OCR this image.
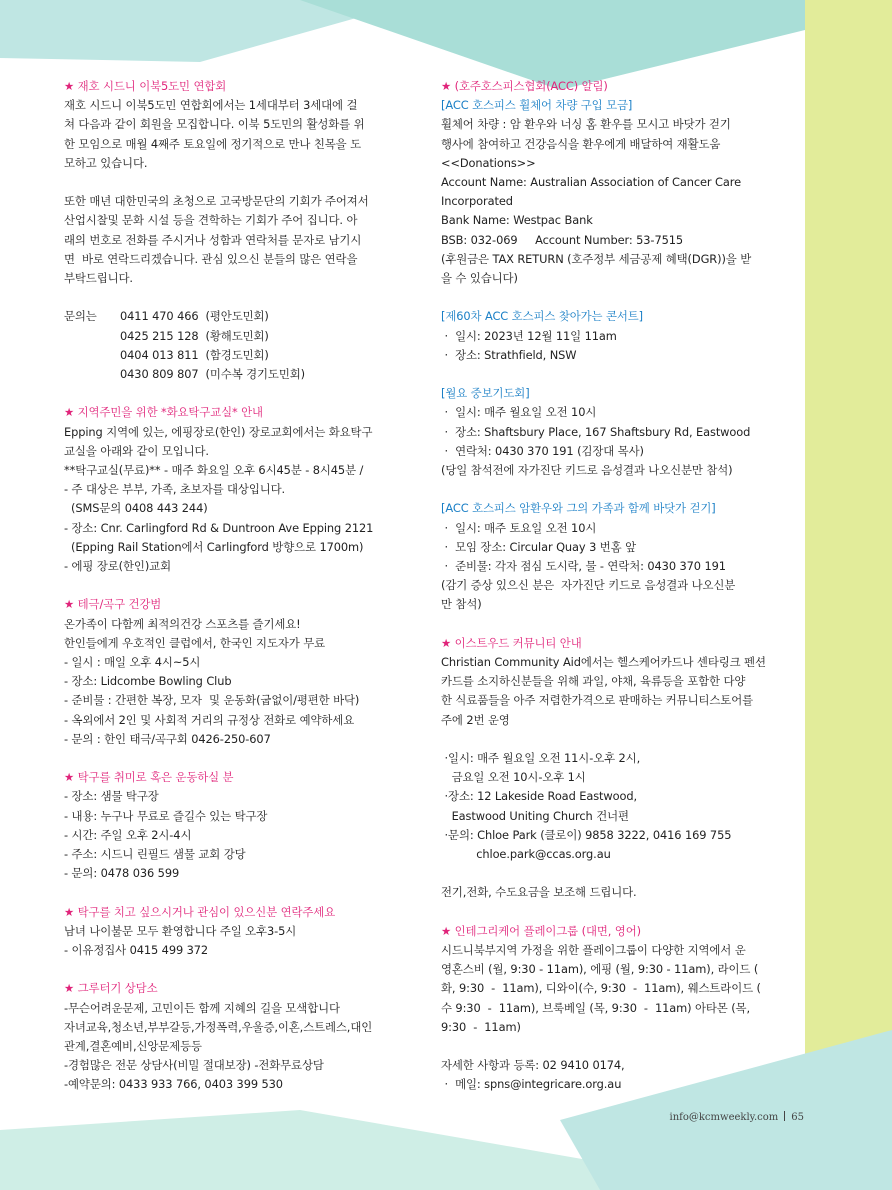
★ 재호 시드니 이북5도민 연합회
재호 시드니 이북5도민 연합회에서는 1세대부터 3세대에 걸
쳐 다음과 같이 회원을 모집합니다. 이북 5도민의 활성화를 위
한 모임으로 매월 4째주 토요일에 정기적으로 만나 친목을 도
모하고 있습니다.

또한 매년 대한민국의 초청으로 고국방문단의 기회가 주어져서
산업시찰및 문화 시설 등을 견학하는 기회가 주어 집니다. 아
래의 번호로 전화를 주시거나 성함과 연락처를 문자로 남기시
면  바로 연락드리겠습니다. 관심 있으신 분들의 많은 연락을
부탁드립니다.
문의는	0411 470 466  (평안도민회)
0425 215 128  (황해도민회)
0404 013 811  (함경도민회)
0430 809 807  (미수복 경기도민회)
★ 지역주민을 위한 *화요탁구교실* 안내
Epping 지역에 있는, 에핑장로(한인) 장로교회에서는 화요탁구
교실을 아래와 같이 모입니다.
**탁구교실(무료)** - 매주 화요일 오후 6시45분 - 8시45분 /
- 주 대상은 부부, 가족, 초보자를 대상입니다.
(SMS문의 0408 443 244)
- 장소: Cnr. Carlingford Rd & Duntroon Ave Epping 2121
(Epping Rail Station에서 Carlingford 방향으로 1700m)
- 에핑 장로(한인)교회
★ 테극/곡구 건강범
온가족이 다함께 최적의건강 스포츠를 즐기세요!
한인들에게 우호적인 클럽에서, 한국인 지도자가 무료
- 일시 : 매일 오후 4시~5시
- 장소: Lidcombe Bowling Club
- 준비물 : 간편한 복장, 모자  및 운동화(굽없이/평편한 바닥)
- 옥외에서 2인 및 사회적 거리의 규정상 전화로 예약하세요
- 문의 : 한인 태극/곡구회 0426-250-607
★ 탁구를 취미로 혹은 운동하실 분
- 장소: 샘물 탁구장
- 내용: 누구나 무료로 즐길수 있는 탁구장
- 시간: 주일 오후 2시-4시
- 주소: 시드니 린필드 샘물 교회 강당
- 문의: 0478 036 599
★ 탁구를 치고 싶으시거나 관심이 있으신분 연락주세요
남녀 나이불문 모두 환영합니다 주일 오후3-5시
- 이유정집사 0415 499 372
★ 그루터기 상담소
-무슨어려운문제, 고민이든 함께 지혜의 길을 모색합니다
자녀교육,청소년,부부갈등,가정폭력,우울증,이혼,스트레스,대인
관계,결혼예비,신앙문제등등
-경험많은 전문 상담사(비밀 절대보장) -전화무료상담
-예약문의: 0433 933 766, 0403 399 530
★ (호주호스피스협회(ACC) 알림)
[ACC 호스피스 휠체어 차량 구입 모금]
휠체어 차량 : 암 환우와 너싱 홈 환우를 모시고 바닷가 걷기
행사에 참여하고 건강음식을 환우에게 배달하여 재활도움
<<Donations>>
Account Name: Australian Association of Cancer Care
Incorporated
Bank Name: Westpac Bank
BSB: 032-069     Account Number: 53-7515
(후원금은 TAX RETURN (호주정부 세금공제 혜택(DGR))을 받
을 수 있습니다)
[제60차 ACC 호스피스 찾아가는 콘서트]
·  일시: 2023년 12월 11일 11am
·  장소: Strathfield, NSW
[월요 중보기도회]
·  일시: 매주 월요일 오전 10시
·  장소: Shaftsbury Place, 167 Shaftsbury Rd, Eastwood
·  연락처: 0430 370 191 (김장대 목사)
(당일 참석전에 자가진단 키드로 음성결과 나오신분만 참석)
[ACC 호스피스 암환우와 그의 가족과 함께 바닷가 걷기]
·  일시: 매주 토요일 오전 10시
·  모임 장소: Circular Quay 3 번홈 앞
·  준비물: 각자 점심 도시락, 물 - 연락처: 0430 370 191
(감기 증상 있으신 분은  자가진단 키드로 음성결과 나오신분
만 참석)
★ 이스트우드 커뮤니티 안내
Christian Community Aid에서는 헬스케어카드나 센타링크 펜션
카드를 소지하신분들을 위해 과일, 야채, 육류등을 포함한 다양
한 식료품들을 아주 저렴한가격으로 판매하는 커뮤니티스토어를
주에 2번 운영

·일시: 매주 월요일 오전 11시-오후 2시,
금요일 오전 10시-오후 1시
·장소: 12 Lakeside Road Eastwood,
Eastwood Uniting Church 건너편
·문의: Chloe Park (클로이) 9858 3222, 0416 169 755
chloe.park@ccas.org.au

전기,전화, 수도요금을 보조해 드립니다.
★ 인테그리케어 플레이그룹 (대면, 영어)
시드니북부지역 가정을 위한 플레이그룹이 다양한 지역에서 운
영혼스비 (월, 9:30 - 11am), 에핑 (월, 9:30 - 11am), 라이드 (
화, 9:30  -  11am), 디와이(수, 9:30  -  11am), 웨스트라이드 (
수 9:30  -  11am), 브룩베일 (목, 9:30  -  11am) 아타몬 (목,
9:30  -  11am)

자세한 사항과 등록: 02 9410 0174,
·  메일: spns@integricare.org.au
info@kcmweekly.com 65
